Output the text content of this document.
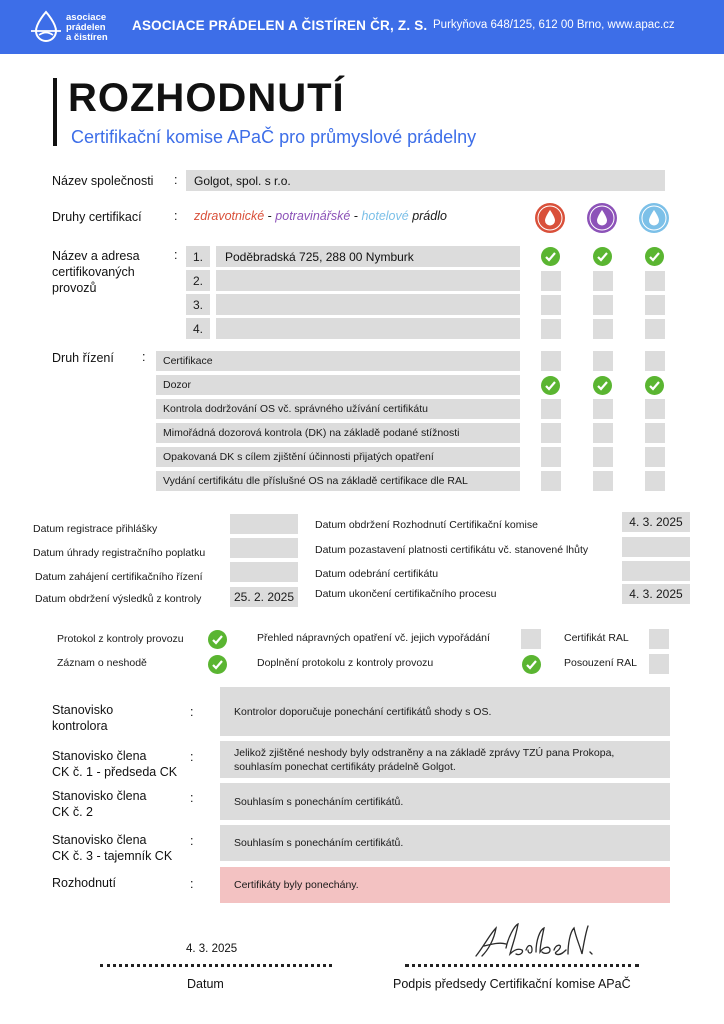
asociace
prádelen
a čistíren
ASOCIACE PRÁDELEN A ČISTÍREN ČR, Z. S. Purkyňova 648/125, 612 00 Brno, www.apac.cz
ROZHODNUTÍ
Certifikační komise APaČ pro průmyslové prádelny
Název společnosti :	Golgot, spol. s r.o.
Druhy certifikací	: zdravotnické - potravinářské - hotelové prádlo
Název a adresa
certifikovaných
provozů
:	1.	Poděbradská 725, 288 00 Nymburk
2.
3.
4.
Druh řízení :	Certifikace
Dozor
Kontrola dodržování OS vč. správného užívání certifikátu
Mimořádná dozorová kontrola (DK) na základě podané stížnosti
Opakovaná DK s cílem zjištění účinnosti přijatých opatření
Vydání certifikátu dle příslušné OS na základě certifikace dle RAL
Datum registrace přihlášky
Datum úhrady registračního poplatku
Datum zahájení certifikačního řízení
Datum obdržení výsledků z kontroly	25. 2. 2025
Datum obdržení Rozhodnutí Certifikační komise	4. 3. 2025
Datum pozastavení platnosti certifikátu vč. stanovené lhůty
Datum odebrání certifikátu
Datum ukončení certifikačního procesu	4. 3. 2025
Protokol z kontroly provozu
Záznam o neshodě
Přehled nápravných opatření vč. jejich vypořádání
Doplnění protokolu z kontroly provozu
Certifikát RAL
Posouzení RAL
Stanovisko
kontrolora
:	Kontrolor doporučuje ponechání certifikátů shody s OS.
Stanovisko člena
CK č. 1 - předseda CK
:	Jelikož zjištěné neshody byly odstraněny a na základě zprávy TZÚ pana Prokopa, souhlasím ponechat certifikáty prádelně Golgot.
Stanovisko člena
CK č. 2
:	Souhlasím s ponecháním certifikátů.
Stanovisko člena
CK č. 3 - tajemník CK
:	Souhlasím s ponecháním certifikátů.
Rozhodnutí	:	Certifikáty byly ponechány.
4. 3. 2025
Datum	Podpis předsedy Certifikační komise APaČ
